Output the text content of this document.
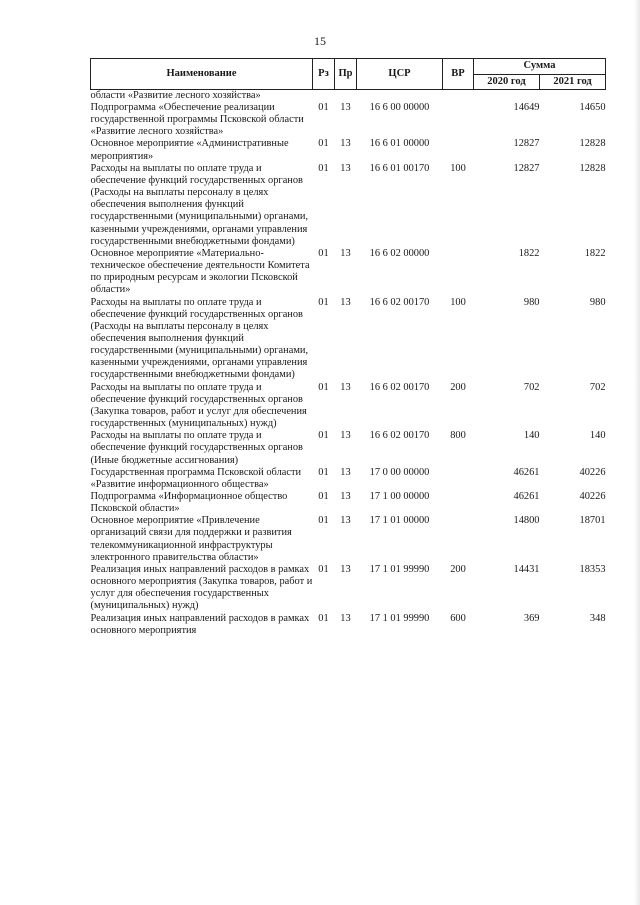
15
Наименование	Рз	Пр	ЦСР	ВР	Сумма	
					2020 год	2021 год
области «Развитие лесного хозяйства»						
Подпрограмма «Обеспечение реализации государственной программы Псковской области «Развитие лесного хозяйства»	01	13	16 6 00 00000		14649	14650
Основное мероприятие «Административные мероприятия»	01	13	16 6 01 00000		12827	12828
Расходы на выплаты по оплате труда и обеспечение функций государственных органов (Расходы на выплаты персоналу в целях обеспечения выполнения функций государственными (муниципальными) органами, казенными учреждениями, органами управления государственными внебюджетными фондами)	01	13	16 6 01 00170	100	12827	12828
Основное мероприятие «Материально-техническое обеспечение деятельности Комитета по природным ресурсам и экологии Псковской области»	01	13	16 6 02 00000		1822	1822
Расходы на выплаты по оплате труда и обеспечение функций государственных органов (Расходы на выплаты персоналу в целях обеспечения выполнения функций государственными (муниципальными) органами, казенными учреждениями, органами управления государственными внебюджетными фондами)	01	13	16 6 02 00170	100	980	980
Расходы на выплаты по оплате труда и обеспечение функций государственных органов (Закупка товаров, работ и услуг для обеспечения государственных (муниципальных) нужд)	01	13	16 6 02 00170	200	702	702
Расходы на выплаты по оплате труда и обеспечение функций государственных органов (Иные бюджетные ассигнования)	01	13	16 6 02 00170	800	140	140
Государственная программа Псковской области «Развитие информационного общества»	01	13	17 0 00 00000		46261	40226
Подпрограмма «Информационное общество Псковской области»	01	13	17 1 00 00000		46261	40226
Основное мероприятие «Привлечение организаций связи для поддержки и развития телекоммуникационной инфраструктуры электронного правительства области»	01	13	17 1 01 00000		14800	18701
Реализация иных направлений расходов в рамках основного мероприятия (Закупка товаров, работ и услуг для обеспечения государственных (муниципальных) нужд)	01	13	17 1 01 99990	200	14431	18353
Реализация иных направлений расходов в рамках основного мероприятия	01	13	17 1 01 99990	600	369	348
